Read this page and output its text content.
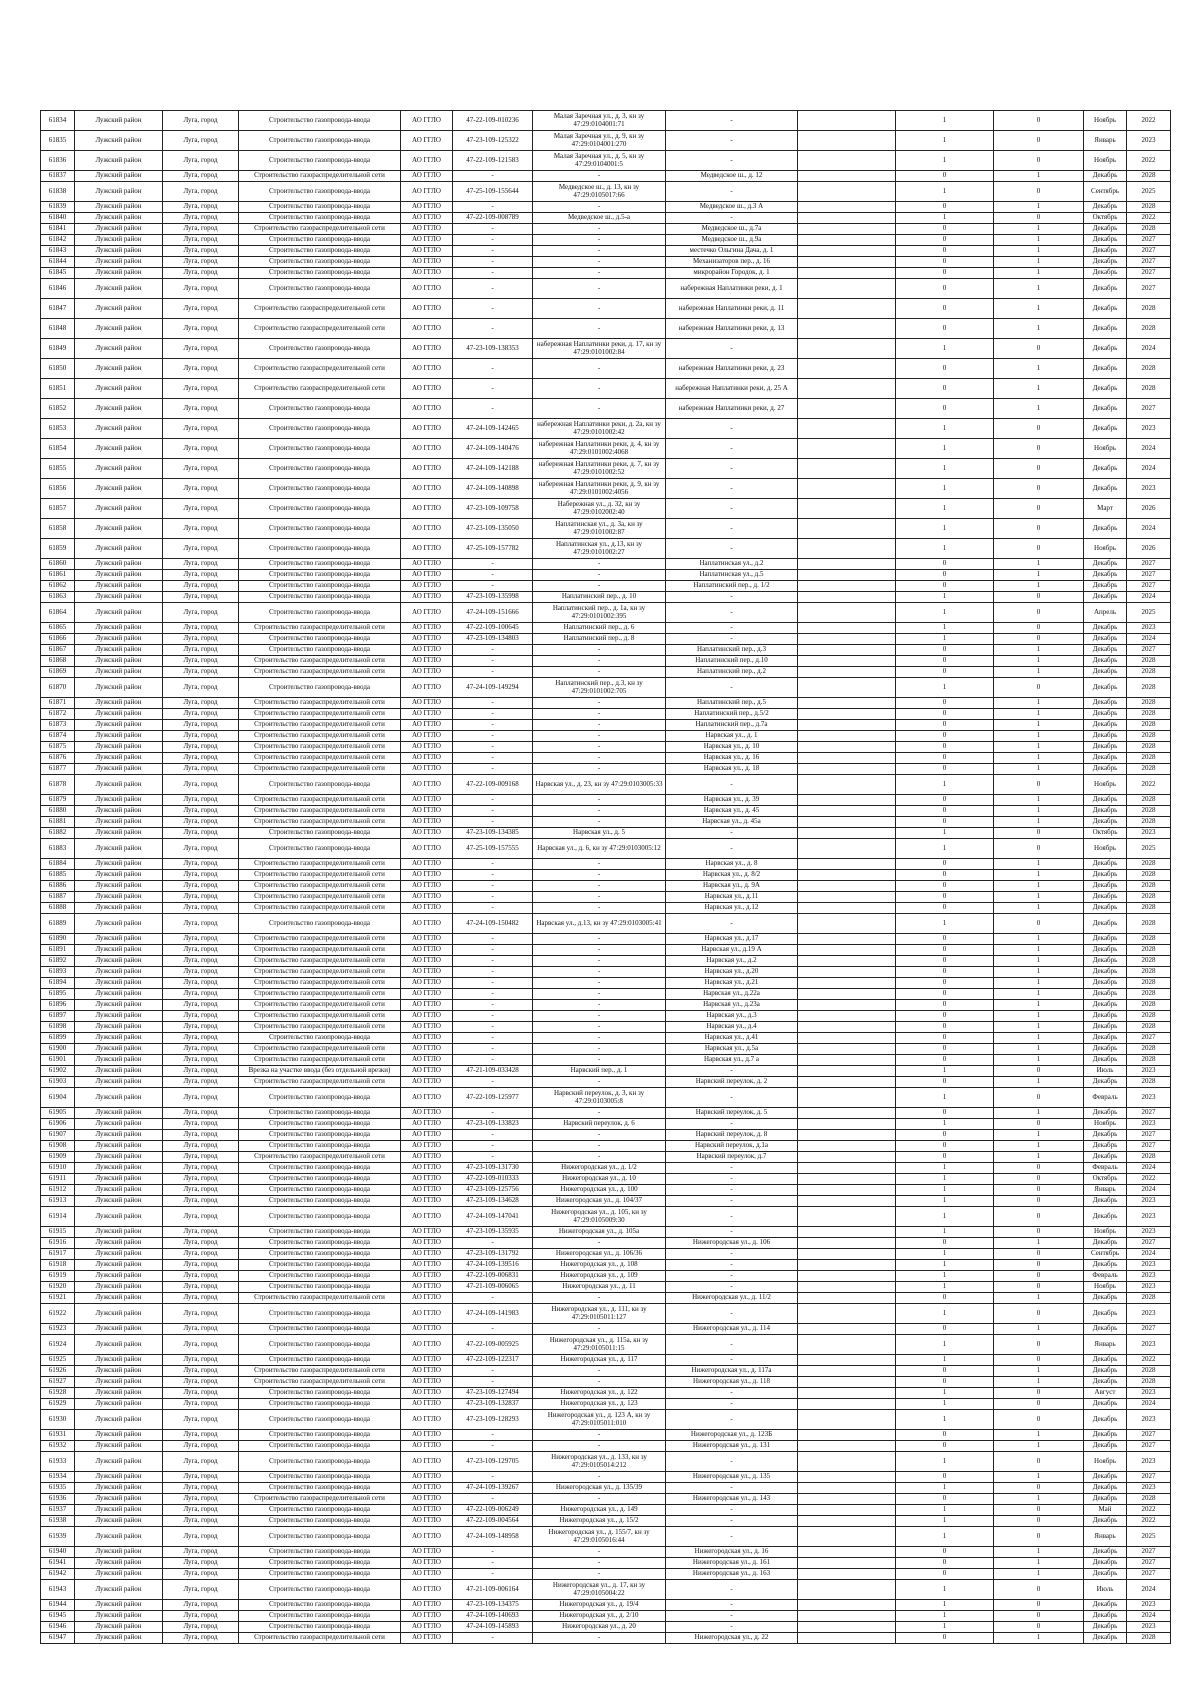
61834	Лужский район	Луга, город	Строительство газопровода-ввода	АО ГГЛО	47-22-109-010236	Малая Заречная ул., д. 3, кн зу 47:29:0104001:71	-		1	0	Ноябрь	2022
61835	Лужский район	Луга, город	Строительство газопровода-ввода	АО ГГЛО	47-23-109-125322	Малая Заречная ул., д. 9, кн зу 47:29:0104001:270	-		1	0	Январь	2023
61836	Лужский район	Луга, город	Строительство газопровода-ввода	АО ГГЛО	47-22-109-121583	Малая Заречная ул., д. 5, кн зу 47:29:0104001:5	-		1	0	Ноябрь	2022
61837	Лужский район	Луга, город	Строительство газораспределительной сети	АО ГГЛО	-	-	Медведское ш., д. 12		0	1	Декабрь	2028
61838	Лужский район	Луга, город	Строительство газопровода-ввода	АО ГГЛО	47-25-109-155644	Медведское ш., д. 13, кн зу 47:29:0105017:66	-		1	0	Сентябрь	2025
61839	Лужский район	Луга, город	Строительство газопровода-ввода	АО ГГЛО	-	-	Медведское ш., д.3 А		0	1	Декабрь	2028
61840	Лужский район	Луга, город	Строительство газопровода-ввода	АО ГГЛО	47-22-109-008789	Медведское ш., д.5-а	-		1	0	Октябрь	2022
61841	Лужский район	Луга, город	Строительство газораспределительной сети	АО ГГЛО	-	-	Медведское ш., д.7а		0	1	Декабрь	2028
61842	Лужский район	Луга, город	Строительство газопровода-ввода	АО ГГЛО	-	-	Медведское ш., д.9а		0	1	Декабрь	2027
61843	Лужский район	Луга, город	Строительство газопровода-ввода	АО ГГЛО	-	-	местечко Ольгина Дача, д. 1		0	1	Декабрь	2027
61844	Лужский район	Луга, город	Строительство газопровода-ввода	АО ГГЛО	-	-	Механизаторов пер., д. 16		0	1	Декабрь	2027
61845	Лужский район	Луга, город	Строительство газопровода-ввода	АО ГГЛО	-	-	микрорайон Городок, д. 1		0	1	Декабрь	2027
61846	Лужский район	Луга, город	Строительство газопровода-ввода	АО ГГЛО	-	-	набережная Наплатинки реки, д. 1		0	1	Декабрь	2027
61847	Лужский район	Луга, город	Строительство газораспределительной сети	АО ГГЛО	-	-	набережная Наплатинки реки, д. 11		0	1	Декабрь	2028
61848	Лужский район	Луга, город	Строительство газораспределительной сети	АО ГГЛО	-	-	набережная Наплатинки реки, д. 13		0	1	Декабрь	2028
61849	Лужский район	Луга, город	Строительство газопровода-ввода	АО ГГЛО	47-23-109-138353	набережная Наплатинки реки, д. 17, кн зу 47:29:0101002:84	-		1	0	Декабрь	2024
61850	Лужский район	Луга, город	Строительство газораспределительной сети	АО ГГЛО	-	-	набережная Наплатинки реки, д. 23		0	1	Декабрь	2028
61851	Лужский район	Луга, город	Строительство газораспределительной сети	АО ГГЛО	-	-	набережная Наплатинки реки, д. 25 А		0	1	Декабрь	2028
61852	Лужский район	Луга, город	Строительство газопровода-ввода	АО ГГЛО	-	-	набережная Наплатинки реки, д. 27		0	1	Декабрь	2027
61853	Лужский район	Луга, город	Строительство газопровода-ввода	АО ГГЛО	47-24-109-142465	набережная Наплатинки реки, д. 2а, кн зу 47:29:0101002:42	-		1	0	Декабрь	2023
61854	Лужский район	Луга, город	Строительство газопровода-ввода	АО ГГЛО	47-24-109-140476	набережная Наплатинки реки, д. 4, кн зу 47:29:0101002:4068	-		1	0	Ноябрь	2024
61855	Лужский район	Луга, город	Строительство газопровода-ввода	АО ГГЛО	47-24-109-142188	набережная Наплатинки реки, д. 7, кн зу 47:29:0101002:52	-		1	0	Декабрь	2024
61856	Лужский район	Луга, город	Строительство газопровода-ввода	АО ГГЛО	47-24-109-140898	набережная Наплатинки реки, д. 9, кн зу 47:29:0101002:4056	-		1	0	Декабрь	2023
61857	Лужский район	Луга, город	Строительство газопровода-ввода	АО ГГЛО	47-23-109-109758	Набережная ул., д. 32, кн зу 47:29:0102002:40	-		1	0	Март	2026
61858	Лужский район	Луга, город	Строительство газопровода-ввода	АО ГГЛО	47-23-109-135050	Наплатинская ул., д. 3а, кн зу 47:29:0101002:87	-		1	0	Декабрь	2024
61859	Лужский район	Луга, город	Строительство газопровода-ввода	АО ГГЛО	47-25-109-157782	Наплатинская ул., д.13, кн зу 47:29:0101002:27	-		1	0	Ноябрь	2026
61860	Лужский район	Луга, город	Строительство газопровода-ввода	АО ГГЛО	-	-	Наплатинская ул., д.2		0	1	Декабрь	2027
61861	Лужский район	Луга, город	Строительство газопровода-ввода	АО ГГЛО	-	-	Наплатинская ул., д.5		0	1	Декабрь	2027
61862	Лужский район	Луга, город	Строительство газопровода-ввода	АО ГГЛО	-	-	Наплатинский пер., д. 1/2		0	1	Декабрь	2027
61863	Лужский район	Луга, город	Строительство газопровода-ввода	АО ГГЛО	47-23-109-135998	Наплатинский пер., д. 10	-		1	0	Декабрь	2024
61864	Лужский район	Луга, город	Строительство газопровода-ввода	АО ГГЛО	47-24-109-151666	Наплатинский пер., д. 1а, кн зу 47:29:0101002:395	-		1	0	Апрель	2025
61865	Лужский район	Луга, город	Строительство газораспределительной сети	АО ГГЛО	47-22-109-100645	Наплатинский пер., д. 6	-		1	0	Декабрь	2023
61866	Лужский район	Луга, город	Строительство газопровода-ввода	АО ГГЛО	47-23-109-134803	Наплатинский пер., д. 8	-		1	0	Декабрь	2024
61867	Лужский район	Луга, город	Строительство газопровода-ввода	АО ГГЛО	-	-	Наплатинский пер., д.3		0	1	Декабрь	2027
61868	Лужский район	Луга, город	Строительство газораспределительной сети	АО ГГЛО	-	-	Наплатинский пер., д.10		0	1	Декабрь	2028
61869	Лужский район	Луга, город	Строительство газораспределительной сети	АО ГГЛО	-	-	Наплатинский пер., д.2		0	1	Декабрь	2028
61870	Лужский район	Луга, город	Строительство газопровода-ввода	АО ГГЛО	47-24-109-149294	Наплатинский пер., д.3, кн зу 47:29:0101002:705	-		1	0	Декабрь	2028
61871	Лужский район	Луга, город	Строительство газораспределительной сети	АО ГГЛО	-	-	Наплатинский пер., д.5		0	1	Декабрь	2028
61872	Лужский район	Луга, город	Строительство газораспределительной сети	АО ГГЛО	-	-	Наплатинский пер., д.5/2		0	1	Декабрь	2028
61873	Лужский район	Луга, город	Строительство газораспределительной сети	АО ГГЛО	-	-	Наплатинский пер., д.7а		0	1	Декабрь	2028
61874	Лужский район	Луга, город	Строительство газораспределительной сети	АО ГГЛО	-	-	Нарвская ул., д. 1		0	1	Декабрь	2028
61875	Лужский район	Луга, город	Строительство газораспределительной сети	АО ГГЛО	-	-	Нарвская ул., д. 10		0	1	Декабрь	2028
61876	Лужский район	Луга, город	Строительство газораспределительной сети	АО ГГЛО	-	-	Нарвская ул., д. 16		0	1	Декабрь	2028
61877	Лужский район	Луга, город	Строительство газораспределительной сети	АО ГГЛО	-	-	Нарвская ул., д. 18		0	1	Декабрь	2028
61878	Лужский район	Луга, город	Строительство газопровода-ввода	АО ГГЛО	47-22-109-009168	Нарвская ул., д. 23, кн зу 47:29:0103005:33	-		1	0	Ноябрь	2022
61879	Лужский район	Луга, город	Строительство газораспределительной сети	АО ГГЛО	-	-	Нарвская ул., д. 39		0	1	Декабрь	2028
61880	Лужский район	Луга, город	Строительство газораспределительной сети	АО ГГЛО	-	-	Нарвская ул., д. 45		0	1	Декабрь	2028
61881	Лужский район	Луга, город	Строительство газораспределительной сети	АО ГГЛО	-	-	Нарвская ул., д. 45а		0	1	Декабрь	2028
61882	Лужский район	Луга, город	Строительство газопровода-ввода	АО ГГЛО	47-23-109-134385	Нарвская ул., д. 5	-		1	0	Октябрь	2023
61883	Лужский район	Луга, город	Строительство газопровода-ввода	АО ГГЛО	47-25-109-157555	Нарвская ул., д. 6, кн зу 47:29:0103005:12	-		1	0	Ноябрь	2025
61884	Лужский район	Луга, город	Строительство газораспределительной сети	АО ГГЛО	-	-	Нарвская ул., д. 8		0	1	Декабрь	2028
61885	Лужский район	Луга, город	Строительство газораспределительной сети	АО ГГЛО	-	-	Нарвская ул., д. 8/2		0	1	Декабрь	2028
61886	Лужский район	Луга, город	Строительство газораспределительной сети	АО ГГЛО	-	-	Нарвская ул., д. 9А		0	1	Декабрь	2028
61887	Лужский район	Луга, город	Строительство газораспределительной сети	АО ГГЛО	-	-	Нарвская ул., д.11		0	1	Декабрь	2028
61888	Лужский район	Луга, город	Строительство газораспределительной сети	АО ГГЛО	-	-	Нарвская ул., д.12		0	1	Декабрь	2028
61889	Лужский район	Луга, город	Строительство газопровода-ввода	АО ГГЛО	47-24-109-150482	Нарвская ул., д.13, кн зу 47:29:0103005:41	-		1	0	Декабрь	2028
61890	Лужский район	Луга, город	Строительство газораспределительной сети	АО ГГЛО	-	-	Нарвская ул., д.17		0	1	Декабрь	2028
61891	Лужский район	Луга, город	Строительство газораспределительной сети	АО ГГЛО	-	-	Нарвская ул., д.19 А		0	1	Декабрь	2028
61892	Лужский район	Луга, город	Строительство газораспределительной сети	АО ГГЛО	-	-	Нарвская ул., д.2		0	1	Декабрь	2028
61893	Лужский район	Луга, город	Строительство газораспределительной сети	АО ГГЛО	-	-	Нарвская ул., д.20		0	1	Декабрь	2028
61894	Лужский район	Луга, город	Строительство газораспределительной сети	АО ГГЛО	-	-	Нарвская ул., д.21		0	1	Декабрь	2028
61895	Лужский район	Луга, город	Строительство газораспределительной сети	АО ГГЛО	-	-	Нарвская ул., д.22а		0	1	Декабрь	2028
61896	Лужский район	Луга, город	Строительство газораспределительной сети	АО ГГЛО	-	-	Нарвская ул., д.23а		0	1	Декабрь	2028
61897	Лужский район	Луга, город	Строительство газораспределительной сети	АО ГГЛО	-	-	Нарвская ул., д.3		0	1	Декабрь	2028
61898	Лужский район	Луга, город	Строительство газораспределительной сети	АО ГГЛО	-	-	Нарвская ул., д.4		0	1	Декабрь	2028
61899	Лужский район	Луга, город	Строительство газопровода-ввода	АО ГГЛО	-	-	Нарвская ул., д.41		0	1	Декабрь	2027
61900	Лужский район	Луга, город	Строительство газораспределительной сети	АО ГГЛО	-	-	Нарвская ул., д.5а		0	1	Декабрь	2028
61901	Лужский район	Луга, город	Строительство газораспределительной сети	АО ГГЛО	-	-	Нарвская ул., д.7 а		0	1	Декабрь	2028
61902	Лужский район	Луга, город	Врезка на участке ввода (без отдельной врезки)	АО ГГЛО	47-21-109-033428	Нарвский пер., д. 1	-		1	0	Июль	2023
61903	Лужский район	Луга, город	Строительство газораспределительной сети	АО ГГЛО	-	-	Нарвский переулок, д. 2		0	1	Декабрь	2028
61904	Лужский район	Луга, город	Строительство газопровода-ввода	АО ГГЛО	47-22-109-125977	Нарвский переулок, д. 3, кн зу 47:29:0103005:8	-		1	0	Февраль	2023
61905	Лужский район	Луга, город	Строительство газопровода-ввода	АО ГГЛО	-	-	Нарвский переулок, д. 5		0	1	Декабрь	2027
61906	Лужский район	Луга, город	Строительство газопровода-ввода	АО ГГЛО	47-23-109-133823	Нарвский переулок, д. 6	-		1	0	Ноябрь	2023
61907	Лужский район	Луга, город	Строительство газопровода-ввода	АО ГГЛО	-	-	Нарвский переулок, д. 8		0	1	Декабрь	2027
61908	Лужский район	Луга, город	Строительство газопровода-ввода	АО ГГЛО	-	-	Нарвский переулок, д.1а		0	1	Декабрь	2027
61909	Лужский район	Луга, город	Строительство газораспределительной сети	АО ГГЛО	-	-	Нарвский переулок, д.7		0	1	Декабрь	2028
61910	Лужский район	Луга, город	Строительство газопровода-ввода	АО ГГЛО	47-23-109-131730	Нижегородская ул., д. 1/2	-		1	0	Февраль	2024
61911	Лужский район	Луга, город	Строительство газопровода-ввода	АО ГГЛО	47-22-109-010333	Нижегородская ул., д. 10	-		1	0	Октябрь	2022
61912	Лужский район	Луга, город	Строительство газопровода-ввода	АО ГГЛО	47-23-109-125756	Нижегородская ул., д. 100	-		1	0	Январь	2024
61913	Лужский район	Луга, город	Строительство газопровода-ввода	АО ГГЛО	47-23-109-134628	Нижегородская ул., д. 104/37	-		1	0	Декабрь	2023
61914	Лужский район	Луга, город	Строительство газопровода-ввода	АО ГГЛО	47-24-109-147041	Нижегородская ул., д. 105, кн зу 47:29:0105009:30	-		1	0	Декабрь	2023
61915	Лужский район	Луга, город	Строительство газопровода-ввода	АО ГГЛО	47-23-109-135935	Нижегородская ул., д. 105а	-		1	0	Ноябрь	2023
61916	Лужский район	Луга, город	Строительство газопровода-ввода	АО ГГЛО	-	-	Нижегородская ул., д. 106		0	1	Декабрь	2027
61917	Лужский район	Луга, город	Строительство газопровода-ввода	АО ГГЛО	47-23-109-131792	Нижегородская ул., д. 106/36	-		1	0	Сентябрь	2024
61918	Лужский район	Луга, город	Строительство газопровода-ввода	АО ГГЛО	47-24-109-139516	Нижегородская ул., д. 108	-		1	0	Декабрь	2023
61919	Лужский район	Луга, город	Строительство газопровода-ввода	АО ГГЛО	47-22-109-006831	Нижегородская ул., д. 109	-		1	0	Февраль	2023
61920	Лужский район	Луга, город	Строительство газопровода-ввода	АО ГГЛО	47-21-109-006065	Нижегородская ул., д. 11	-		1	0	Ноябрь	2023
61921	Лужский район	Луга, город	Строительство газораспределительной сети	АО ГГЛО	-	-	Нижегородская ул., д. 11/2		0	1	Декабрь	2028
61922	Лужский район	Луга, город	Строительство газопровода-ввода	АО ГГЛО	47-24-109-141983	Нижегородская ул., д. 111, кн зу 47:29:0105011:127	-		1	0	Декабрь	2023
61923	Лужский район	Луга, город	Строительство газопровода-ввода	АО ГГЛО	-	-	Нижегородская ул., д. 114		0	1	Декабрь	2027
61924	Лужский район	Луга, город	Строительство газопровода-ввода	АО ГГЛО	47-22-109-005925	Нижегородская ул., д. 115а, кн зу 47:29:0105011:15	-		1	0	Январь	2023
61925	Лужский район	Луга, город	Строительство газопровода-ввода	АО ГГЛО	47-22-109-122317	Нижегородская ул., д. 117	-		1	0	Декабрь	2022
61926	Лужский район	Луга, город	Строительство газораспределительной сети	АО ГГЛО	-	-	Нижегородская ул., д. 117а		0	1	Декабрь	2028
61927	Лужский район	Луга, город	Строительство газораспределительной сети	АО ГГЛО	-	-	Нижегородская ул., д. 118		0	1	Декабрь	2028
61928	Лужский район	Луга, город	Строительство газопровода-ввода	АО ГГЛО	47-23-109-127494	Нижегородская ул., д. 122	-		1	0	Август	2023
61929	Лужский район	Луга, город	Строительство газопровода-ввода	АО ГГЛО	47-23-109-132837	Нижегородская ул., д. 123	-		1	0	Декабрь	2024
61930	Лужский район	Луга, город	Строительство газопровода-ввода	АО ГГЛО	47-23-109-128293	Нижегородская ул., д. 123 А, кн зу 47:29:0105011:010	-		1	0	Декабрь	2023
61931	Лужский район	Луга, город	Строительство газопровода-ввода	АО ГГЛО	-	-	Нижегородская ул., д. 123Б		0	1	Декабрь	2027
61932	Лужский район	Луга, город	Строительство газопровода-ввода	АО ГГЛО	-	-	Нижегородская ул., д. 131		0	1	Декабрь	2027
61933	Лужский район	Луга, город	Строительство газопровода-ввода	АО ГГЛО	47-23-109-129705	Нижегородская ул., д. 133, кн зу 47:29:0105014:212	-		1	0	Ноябрь	2023
61934	Лужский район	Луга, город	Строительство газопровода-ввода	АО ГГЛО	-	-	Нижегородская ул., д. 135		0	1	Декабрь	2027
61935	Лужский район	Луга, город	Строительство газопровода-ввода	АО ГГЛО	47-24-109-139267	Нижегородская ул., д. 135/39	-		1	0	Декабрь	2023
61936	Лужский район	Луга, город	Строительство газораспределительной сети	АО ГГЛО	-	-	Нижегородская ул., д. 143		0	1	Декабрь	2028
61937	Лужский район	Луга, город	Строительство газопровода-ввода	АО ГГЛО	47-22-109-006249	Нижегородская ул., д. 149	-		1	0	Май	2022
61938	Лужский район	Луга, город	Строительство газопровода-ввода	АО ГГЛО	47-22-109-004564	Нижегородская ул., д. 15/2	-		1	0	Декабрь	2022
61939	Лужский район	Луга, город	Строительство газопровода-ввода	АО ГГЛО	47-24-109-148958	Нижегородская ул., д. 155/7, кн зу 47:29:0105016:44	-		1	0	Январь	2025
61940	Лужский район	Луга, город	Строительство газопровода-ввода	АО ГГЛО	-	-	Нижегородская ул., д. 16		0	1	Декабрь	2027
61941	Лужский район	Луга, город	Строительство газопровода-ввода	АО ГГЛО	-	-	Нижегородская ул., д. 161		0	1	Декабрь	2027
61942	Лужский район	Луга, город	Строительство газопровода-ввода	АО ГГЛО	-	-	Нижегородская ул., д. 163		0	1	Декабрь	2027
61943	Лужский район	Луга, город	Строительство газопровода-ввода	АО ГГЛО	47-21-109-006164	Нижегородская ул., д. 17, кн зу 47:29:0105004:22	-		1	0	Июль	2024
61944	Лужский район	Луга, город	Строительство газопровода-ввода	АО ГГЛО	47-23-109-134375	Нижегородская ул., д. 19/4	-		1	0	Декабрь	2023
61945	Лужский район	Луга, город	Строительство газопровода-ввода	АО ГГЛО	47-24-109-140693	Нижегородская ул., д. 2/10	-		1	0	Декабрь	2024
61946	Лужский район	Луга, город	Строительство газопровода-ввода	АО ГГЛО	47-24-109-145893	Нижегородская ул., д. 20	-		1	0	Декабрь	2023
61947	Лужский район	Луга, город	Строительство газораспределительной сети	АО ГГЛО	-	-	Нижегородская ул., д. 22		0	1	Декабрь	2028
